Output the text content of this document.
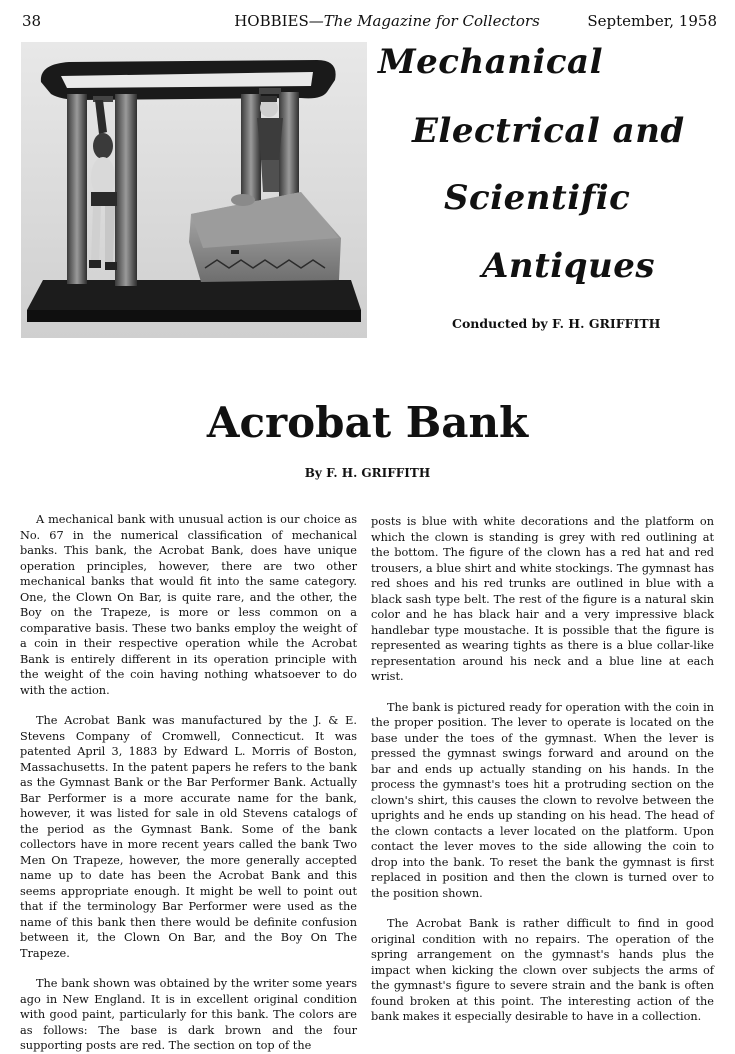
38	HOBBIES—The Magazine for Collectors	September, 1958
Mechanical
Electrical and
Scientific
Antiques
Conducted by F. H. GRIFFITH
Acrobat Bank
By F. H. GRIFFITH

A mechanical bank with unusual action is our choice as No. 67 in the numerical classification of mechanical banks. This bank, the Acrobat Bank, does have unique operation principles, however, there are two other mechanical banks that would fit into the same category. One, the Clown On Bar, is quite rare, and the other, the Boy on the Trapeze, is more or less common on a comparative basis. These two banks employ the weight of a coin in their respective operation while the Acrobat Bank is entirely different in its operation principle with the weight of the coin having nothing whatsoever to do with the action.

The Acrobat Bank was manufactured by the J. & E. Stevens Company of Cromwell, Connecticut. It was patented April 3, 1883 by Edward L. Morris of Boston, Massachusetts. In the patent papers he refers to the bank as the Gymnast Bank or the Bar Performer Bank. Actually Bar Performer is a more accurate name for the bank, however, it was listed for sale in old Stevens catalogs of the period as the Gymnast Bank. Some of the bank collectors have in more recent years called the bank Two Men On Trapeze, however, the more generally accepted name up to date has been the Acrobat Bank and this seems appropriate enough. It might be well to point out that if the terminology Bar Performer were used as the name of this bank then there would be definite confusion between it, the Clown On Bar, and the Boy On The Trapeze.

The bank shown was obtained by the writer some years ago in New England. It is in excellent original condition with good paint, particularly for this bank. The colors are as follows: The base is dark brown and the four supporting posts are red. The section on top of the

posts is blue with white decorations and the platform on which the clown is standing is grey with red outlining at the bottom. The figure of the clown has a red hat and red trousers, a blue shirt and white stockings. The gymnast has red shoes and his red trunks are outlined in blue with a black sash type belt. The rest of the figure is a natural skin color and he has black hair and a very impressive black handlebar type moustache. It is possible that the figure is represented as wearing tights as there is a blue collar-like representation around his neck and a blue line at each wrist.

The bank is pictured ready for operation with the coin in the proper position. The lever to operate is located on the base under the toes of the gymnast. When the lever is pressed the gymnast swings forward and around on the bar and ends up actually standing on his hands. In the process the gymnast's toes hit a protruding section on the clown's shirt, this causes the clown to revolve between the uprights and he ends up standing on his head. The head of the clown contacts a lever located on the platform. Upon contact the lever moves to the side allowing the coin to drop into the bank. To reset the bank the gymnast is first replaced in position and then the clown is turned over to the position shown.

The Acrobat Bank is rather difficult to find in good original condition with no repairs. The operation of the spring arrangement on the gymnast's hands plus the impact when kicking the clown over subjects the arms of the gymnast's figure to severe strain and the bank is often found broken at this point. The interesting action of the bank makes it especially desirable to have in a collection.
